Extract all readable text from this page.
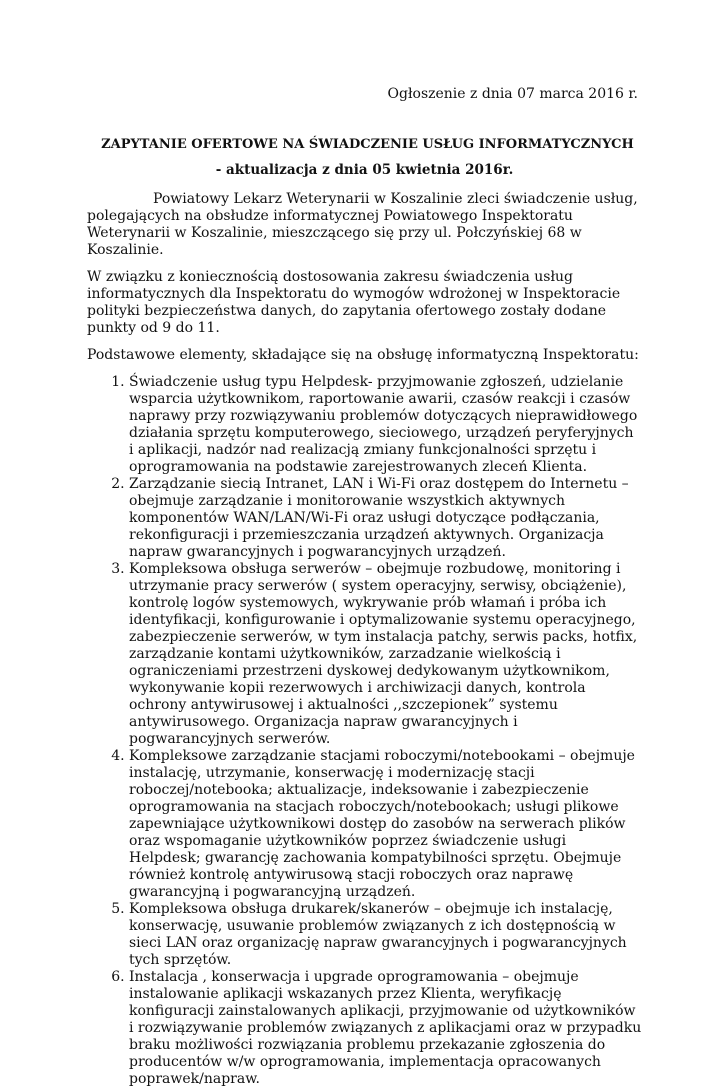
Ogłoszenie z dnia 07 marca 2016 r.
ZAPYTANIE OFERTOWE NA ŚWIADCZENIE USŁUG INFORMATYCZNYCH
- aktualizacja z dnia 05 kwietnia 2016r.

Powiatowy Lekarz Weterynarii w Koszalinie zleci świadczenie usług, polegających na obsłudze informatycznej Powiatowego Inspektoratu Weterynarii w Koszalinie, mieszczącego się przy ul. Połczyńskiej 68 w Koszalinie.

W związku z koniecznością dostosowania zakresu świadczenia usług informatycznych dla Inspektoratu do wymogów wdrożonej w Inspektoracie polityki bezpieczeństwa danych, do zapytania ofertowego zostały dodane punkty od 9 do 11.

Podstawowe elementy, składające się na obsługę informatyczną Inspektoratu:

1. Świadczenie usług typu Helpdesk- przyjmowanie zgłoszeń, udzielanie wsparcia użytkownikom, raportowanie awarii, czasów reakcji i czasów naprawy przy rozwiązywaniu problemów dotyczących nieprawidłowego działania sprzętu komputerowego, sieciowego, urządzeń peryferyjnych i aplikacji, nadzór nad realizacją zmiany funkcjonalności sprzętu i oprogramowania na podstawie zarejestrowanych zleceń Klienta.
2. Zarządzanie siecią Intranet, LAN i Wi-Fi oraz dostępem do Internetu – obejmuje zarządzanie i monitorowanie wszystkich aktywnych komponentów WAN/LAN/Wi-Fi oraz usługi dotyczące podłączania, rekonfiguracji i przemieszczania urządzeń aktywnych. Organizacja napraw gwarancyjnych i pogwarancyjnych urządzeń.
3. Kompleksowa obsługa serwerów – obejmuje rozbudowę, monitoring i utrzymanie pracy serwerów ( system operacyjny, serwisy, obciążenie), kontrolę logów systemowych, wykrywanie prób włamań i próba ich identyfikacji, konfigurowanie i optymalizowanie systemu operacyjnego, zabezpieczenie serwerów, w tym instalacja patchy, serwis packs, hotfix, zarządzanie kontami użytkowników, zarzadzanie wielkością i ograniczeniami przestrzeni dyskowej dedykowanym użytkownikom, wykonywanie kopii rezerwowych i archiwizacji danych, kontrola ochrony antywirusowej i aktualności ,,szczepionek” systemu antywirusowego. Organizacja napraw gwarancyjnych i pogwarancyjnych serwerów.
4. Kompleksowe zarządzanie stacjami roboczymi/notebookami – obejmuje instalację, utrzymanie, konserwację i modernizację stacji roboczej/notebooka; aktualizacje, indeksowanie i zabezpieczenie oprogramowania na stacjach roboczych/notebookach; usługi plikowe zapewniające użytkownikowi dostęp do zasobów na serwerach plików oraz wspomaganie użytkowników poprzez świadczenie usługi Helpdesk; gwarancję zachowania kompatybilności sprzętu. Obejmuje również kontrolę antywirusową stacji roboczych oraz naprawę gwarancyjną i pogwarancyjną urządzeń.
5. Kompleksowa obsługa drukarek/skanerów – obejmuje ich instalację, konserwację, usuwanie problemów związanych z ich dostępnością w sieci LAN oraz organizację napraw gwarancyjnych i pogwarancyjnych tych sprzętów.
6. Instalacja , konserwacja i upgrade oprogramowania – obejmuje instalowanie aplikacji wskazanych przez Klienta, weryfikację konfiguracji zainstalowanych aplikacji, przyjmowanie od użytkowników i rozwiązywanie problemów związanych z aplikacjami oraz w przypadku braku możliwości rozwiązania problemu przekazanie zgłoszenia do producentów w/w oprogramowania, implementacja opracowanych poprawek/napraw.
